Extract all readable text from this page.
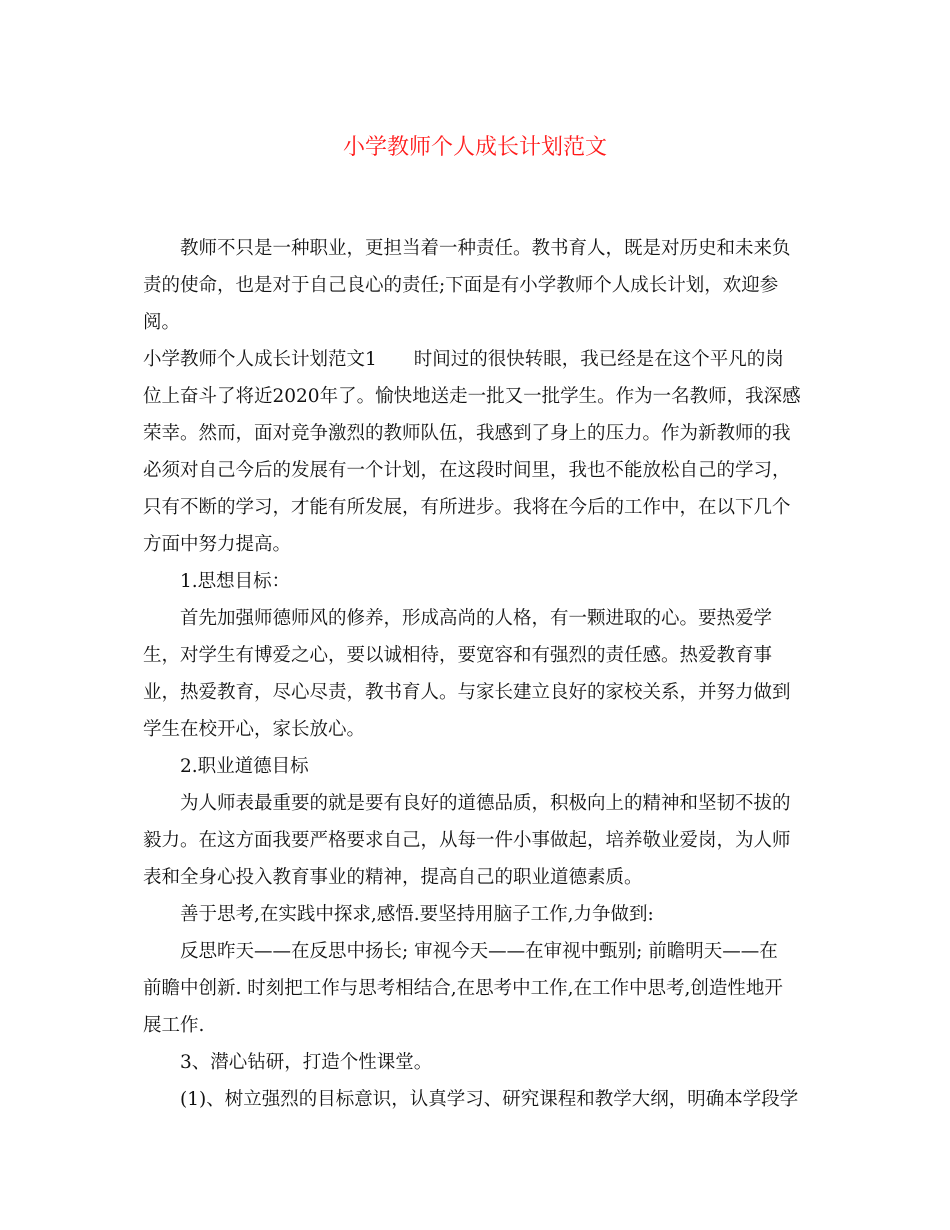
小学教师个人成长计划范文
　　教师不只是一种职业，更担当着一种责任。教书育人，既是对历史和未来负
责的使命，也是对于自己良心的责任;下面是有小学教师个人成长计划，欢迎参
阅。
小学教师个人成长计划范文1　　时间过的很快转眼，我已经是在这个平凡的岗
位上奋斗了将近2020年了。愉快地送走一批又一批学生。作为一名教师，我深感
荣幸。然而，面对竞争激烈的教师队伍，我感到了身上的压力。作为新教师的我
必须对自己今后的发展有一个计划，在这段时间里，我也不能放松自己的学习，
只有不断的学习，才能有所发展，有所进步。我将在今后的工作中，在以下几个
方面中努力提高。
　　1.思想目标：
　　首先加强师德师风的修养，形成高尚的人格，有一颗进取的心。要热爱学
生，对学生有博爱之心，要以诚相待，要宽容和有强烈的责任感。热爱教育事
业，热爱教育，尽心尽责，教书育人。与家长建立良好的家校关系，并努力做到
学生在校开心，家长放心。
　　2.职业道德目标
　　为人师表最重要的就是要有良好的道德品质，积极向上的精神和坚韧不拔的
毅力。在这方面我要严格要求自己，从每一件小事做起，培养敬业爱岗，为人师
表和全身心投入教育事业的精神，提高自己的职业道德素质。
　　善于思考,在实践中探求,感悟.要坚持用脑子工作,力争做到:
　　反思昨天——在反思中扬长; 审视今天——在审视中甄别; 前瞻明天——在
前瞻中创新. 时刻把工作与思考相结合,在思考中工作,在工作中思考,创造性地开
展工作.
　　3、潜心钻研，打造个性课堂。
　　(1)、树立强烈的目标意识，认真学习、研究课程和教学大纲，明确本学段学
